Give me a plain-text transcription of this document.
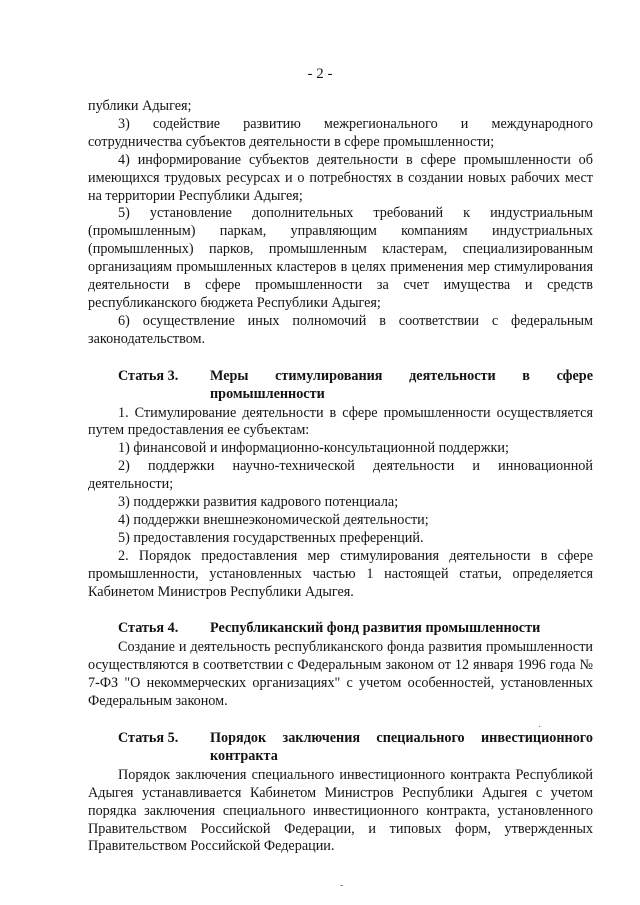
- 2 -

публики Адыгея;

3) содействие развитию межрегионального и международного сотрудничества субъектов деятельности в сфере промышленности;

4) информирование субъектов деятельности в сфере промышленности об имеющихся трудовых ресурсах и о потребностях в создании новых рабочих мест на территории Республики Адыгея;

5) установление дополнительных требований к индустриальным (промышленным) паркам, управляющим компаниям индустриальных (промышленных) парков, промышленным кластерам, специализированным организациям промышленных кластеров в целях применения мер стимулирования деятельности в сфере промышленности за счет имущества и средств республиканского бюджета Республики Адыгея;

6) осуществление иных полномочий в соответствии с федеральным законодательством.

Статья 3.	Меры стимулирования деятельности в сфере промышленности

1. Стимулирование деятельности в сфере промышленности осуществляется путем предоставления ее субъектам:

1) финансовой и информационно-консультационной поддержки;

2) поддержки научно-технической деятельности и инновационной деятельности;

3) поддержки развития кадрового потенциала;

4) поддержки внешнеэкономической деятельности;

5) предоставления государственных преференций.

2. Порядок предоставления мер стимулирования деятельности в сфере промышленности, установленных частью 1 настоящей статьи, определяется Кабинетом Министров Республики Адыгея.

Статья 4.	Республиканский фонд развития промышленности

Создание и деятельность республиканского фонда развития промышленности осуществляются в соответствии с Федеральным законом от 12 января 1996 года № 7-ФЗ "О некоммерческих организациях" с учетом особенностей, установленных Федеральным законом.

Статья 5.	Порядок заключения специального инвестиционного контракта

Порядок заключения специального инвестиционного контракта Республикой Адыгея устанавливается Кабинетом Министров Республики Адыгея с учетом порядка заключения специального инвестиционного контракта, установленного Правительством Российской Федерации, и типовых форм, утвержденных Правительством Российской Федерации.

·
-
